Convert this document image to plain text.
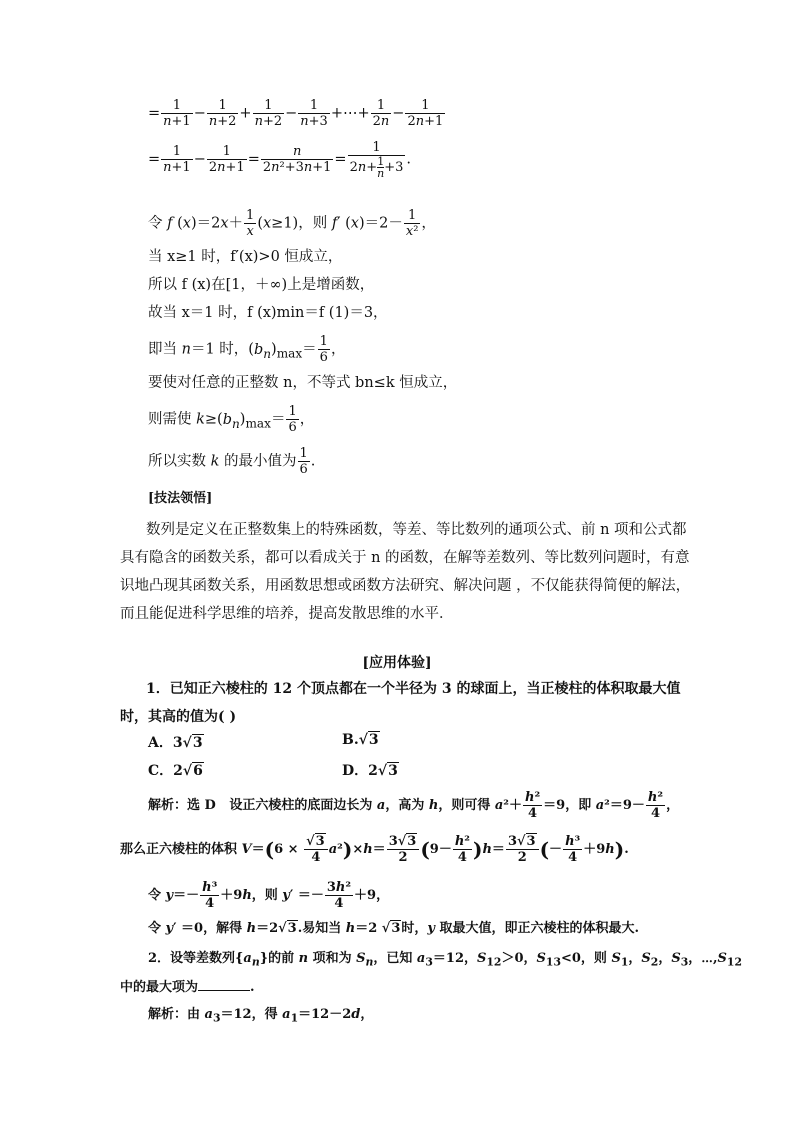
= $\frac{1}{n+1} - \frac{1}{n+2} + \frac{1}{n+2} - \frac{1}{n+3}$ +⋯+ $\frac{1}{2n} - \frac{1}{2n+1}$
= $\frac{1}{n+1} - \frac{1}{2n+1} = \frac{n}{\text{2n²+3n+1}} = \frac{1}{2n+ \frac{1}{n} +3}$ .
令 f $(x)=2x+ \frac{1}{x} (x\ge 1)$，则 f′ $(x)=2- \frac{1}{\text{x²}}$ ，
当 x≥1 时，f′(x)>0 恒成立，
所以 f (x)在[1，＋∞)上是增函数，
故当 x＝1 时，f (x)min＝f (1)＝3，
即当 n＝1 时，$(b_n)_{max}= \frac{1}{6}$ ，
要使对任意的正整数 n，不等式 bn≤k 恒成立，
则需使 $k\ge(b_n)_{max}= \frac{1}{6}$ ，
所以实数 k 的最小值为 $\frac{1}{6}$ .
[技法领悟]
数列是定义在正整数集上的特殊函数，等差、等比数列的通项公式、前 n 项和公式都
具有隐含的函数关系，都可以看成关于 n 的函数，在解等差数列、等比数列问题时，有意
识地凸现其函数关系，用函数思想或函数方法研究、解决问题 ，不仅能获得简便的解法，
而且能促进科学思维的培养，提高发散思维的水平．
[应用体验]
1．已知正六棱柱的 12 个顶点都在一个半径为 3 的球面上，当正棱柱的体积取最大值
时，其高的值为( )
A．3√3	B.√3
C．2√6	D．2√3
解析：选 D   设正六棱柱的底面边长为 a，高为 h，则可得 $a^2+ \frac{\text{h²}}{4} =9$，即 $a^2=9- \frac{\text{h²}}{4}$ ，
那么正六棱柱的体积 $V=(6 \times \frac{√3}{4} a^2)\times h= \frac{3√3}{2} (9- \frac{\text{h²}}{4} )h= \frac{3√3}{2}$ (－ $\frac{\text{h³}}{4} +9h$).
令 $y=- \frac{\text{h³}}{4} +9h$，则 $y' =- \frac{\text{3h²}}{4} +9$，
令 y′ ＝0，解得 h＝2√3.易知当 h＝2 √3时，y 取最大值，即正六棱柱的体积最大.
2．设等差数列$\{a_n\}$的前 n 项和为 $S_n$，已知 $a_3=12$，$S_{12}>0$，$S_{13}<0$，则 $S_1$，$S_2$，$S_3$，$\cdots,S_{12}$
中的最大项为	.
解析：由 $a_3=12$，得 $a_1=12-2d$，
